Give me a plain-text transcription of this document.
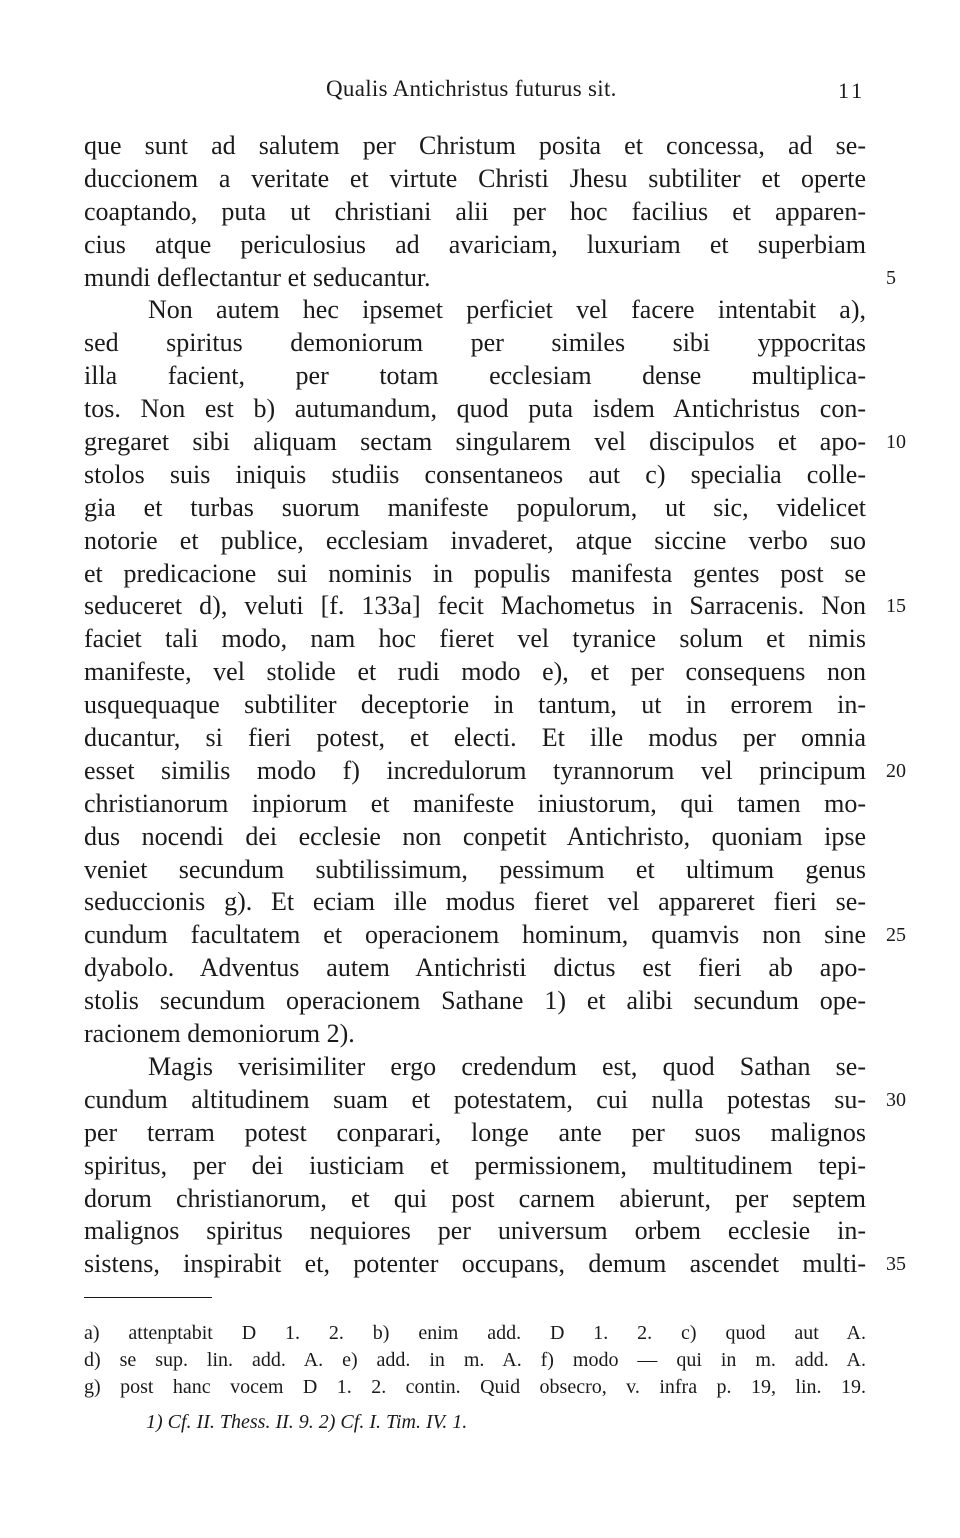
Qualis Antichristus futurus sit.	11
que sunt ad salutem per Christum posita et concessa, ad se-
duccionem a veritate et virtute Christi Jhesu subtiliter et operte
coaptando, puta ut christiani alii per hoc facilius et apparen-
cius atque periculosius ad avariciam, luxuriam et superbiam
mundi deflectantur et seducantur.	5
Non autem hec ipsemet perficiet vel facere intentabit a),
sed spiritus demoniorum per similes sibi yppocritas
illa facient, per totam ecclesiam dense multiplica-
tos. Non est b) autumandum, quod puta isdem Antichristus con-
gregaret sibi aliquam sectam singularem vel discipulos et apo- 10
stolos suis iniquis studiis consentaneos aut c) specialia colle-
gia et turbas suorum manifeste populorum, ut sic, videlicet
notorie et publice, ecclesiam invaderet, atque siccine verbo suo
et predicacione sui nominis in populis manifesta gentes post se
seduceret d), veluti [f. 133a] fecit Machometus in Sarracenis. Non 15
faciet tali modo, nam hoc fieret vel tyranice solum et nimis
manifeste, vel stolide et rudi modo e), et per consequens non
usquequaque subtiliter deceptorie in tantum, ut in errorem in-
ducantur, si fieri potest, et electi. Et ille modus per omnia
esset similis modo f) incredulorum tyrannorum vel principum 20
christianorum inpiorum et manifeste iniustorum, qui tamen mo-
dus nocendi dei ecclesie non conpetit Antichristo, quoniam ipse
veniet secundum subtilissimum, pessimum et ultimum genus
seduccionis g). Et eciam ille modus fieret vel appareret fieri se-
cundum facultatem et operacionem hominum, quamvis non sine 25
dyabolo. Adventus autem Antichristi dictus est fieri ab apo-
stolis secundum operacionem Sathane 1) et alibi secundum ope-
racionem demoniorum 2).
Magis verisimiliter ergo credendum est, quod Sathan se-
cundum altitudinem suam et potestatem, cui nulla potestas su- 30
per terram potest conparari, longe ante per suos malignos
spiritus, per dei iusticiam et permissionem, multitudinem tepi-
dorum christianorum, et qui post carnem abierunt, per septem
malignos spiritus nequiores per universum orbem ecclesie in-
sistens, inspirabit et, potenter occupans, demum ascendet multi- 35
a) attenptabit D 1. 2. b) enim add. D 1. 2. c) quod aut A.
d) se sup. lin. add. A. e) add. in m. A. f) modo — qui in m. add. A.
g) post hanc vocem D 1. 2. contin. Quid obsecro, v. infra p. 19, lin. 19.
1) Cf. II. Thess. II. 9. 2) Cf. I. Tim. IV. 1.
